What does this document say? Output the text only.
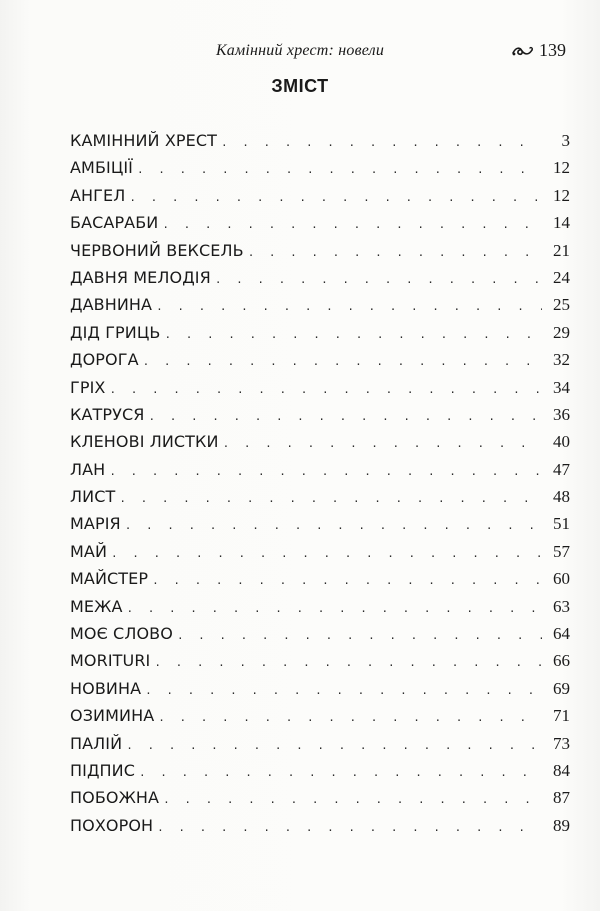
Камінний хрест: новели	139
ЗМІСТ
КАМІННИЙ ХРЕСТ . . .	3
АМБІЦІЇ . . .	12
АНГЕЛ . . .	12
БАСАРАБИ . . .	14
ЧЕРВОНИЙ ВЕКСЕЛЬ . . .	21
ДАВНЯ МЕЛОДІЯ . . .	24
ДАВНИНА . . .	25
ДІД ГРИЦЬ . . .	29
ДОРОГА . . .	32
ГРІХ . . .	34
КАТРУСЯ . . .	36
КЛЕНОВІ ЛИСТКИ . . .	40
ЛАН . . .	47
ЛИСТ . . .	48
МАРІЯ . . .	51
МАЙ . . .	57
МАЙСТЕР . . .	60
МЕЖА . . .	63
МОЄ СЛОВО . . .	64
MORITURI . . .	66
НОВИНА . . .	69
ОЗИМИНА . . .	71
ПАЛІЙ . . .	73
ПІДПИС . . .	84
ПОБОЖНА . . .	87
ПОХОРОН . . .	89
